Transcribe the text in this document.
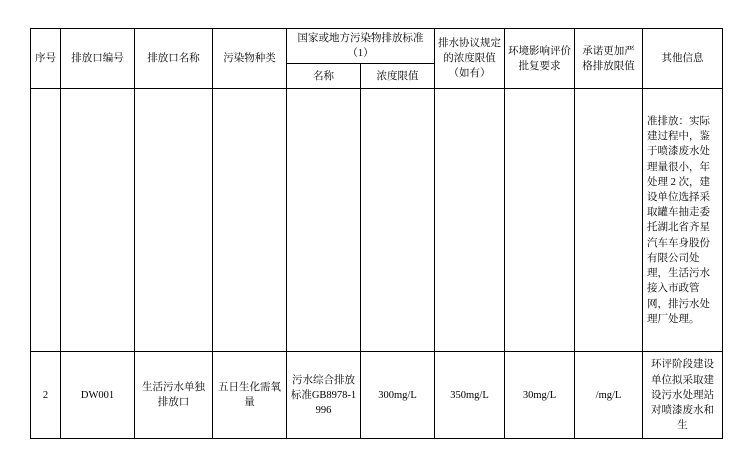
序号	排放口编号	排放口名称	污染物种类	国家或地方污染物排放标准（1）		排水协议规定的浓度限值（如有）	环境影响评价批复要求	承诺更加严格排放限值	其他信息
				名称	浓度限值				

									准排放：实际建过程中，鉴于喷漆废水处理量很小，年处理 2 次，建设单位选择采取罐车抽走委托湖北省齐星汽车车身股份有限公司处理，生活污水接入市政管网，排污水处理厂处理。

2	DW001	生活污水单独排放口	五日生化需氧量	污水综合排放标准GB8978-1996	300mg/L	350mg/L	30mg/L	/mg/L	环评阶段建设单位拟采取建设污水处理站对喷漆废水和生
